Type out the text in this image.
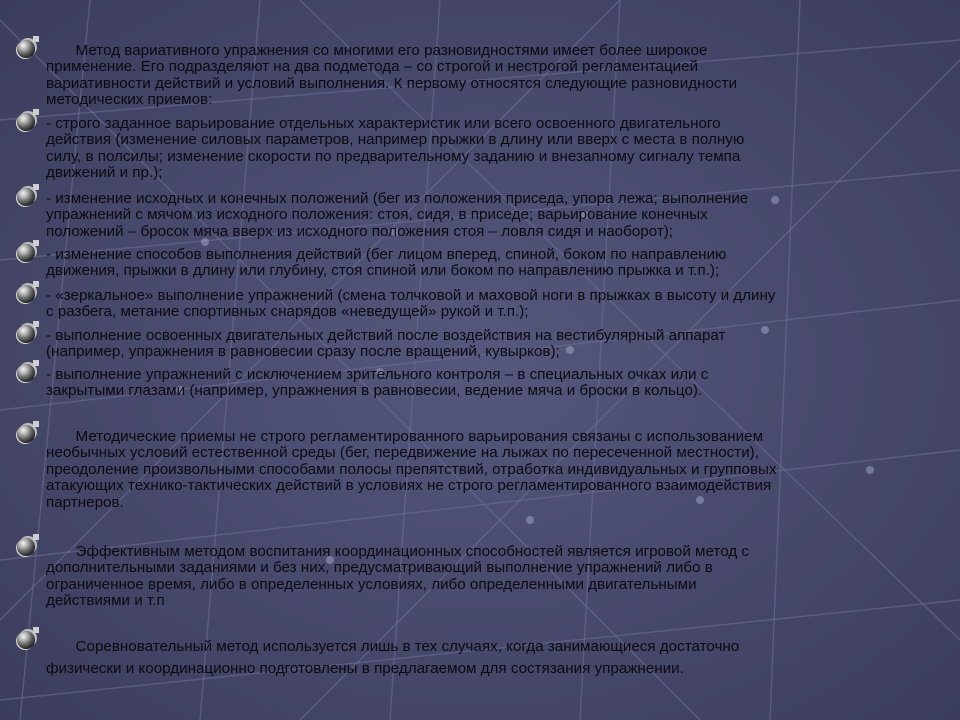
Метод вариативного упражнения со многими его разновидностями имеет более широкое
применение. Его подразделяют на два подметода – со строгой и нестрогой регламентацией
вариативности действий и условий выполнения. К первому относятся следующие разновидности
методических приемов:
- строго заданное варьирование отдельных характеристик или всего освоенного двигательного
действия (изменение силовых параметров, например прыжки в длину или вверх с места в полную
силу, в полсилы; изменение скорости по предварительному заданию и внезапному сигналу темпа
движений и пр.);
- изменение исходных и конечных положений (бег из положения приседа, упора лежа; выполнение
упражнений с мячом из исходного положения: стоя, сидя, в приседе; варьирование конечных
положений – бросок мяча вверх из исходного положения стоя – ловля сидя и наоборот);
- изменение способов выполнения действий (бег лицом вперед, спиной, боком по направлению
движения, прыжки в длину или глубину, стоя спиной или боком по направлению прыжка и т.п.);
- «зеркальное» выполнение упражнений (смена толчковой и маховой ноги в прыжках в высоту и длину
с разбега, метание спортивных снарядов «неведущей» рукой и т.п.);
- выполнение освоенных двигательных действий после воздействия на вестибулярный аппарат
(например, упражнения в равновесии сразу после вращений, кувырков);
- выполнение упражнений с исключением зрительного контроля – в специальных очках или с
закрытыми глазами (например, упражнения в равновесии, ведение мяча и броски в кольцо).
Методические приемы не строго регламентированного варьирования связаны с использованием
необычных условий естественной среды (бег, передвижение на лыжах по пересеченной местности),
преодоление произвольными способами полосы препятствий, отработка индивидуальных и групповых
атакующих технико-тактических действий в условиях не строго регламентированного взаимодействия
партнеров.
Эффективным методом воспитания координационных способностей является игровой метод с
дополнительными заданиями и без них, предусматривающий выполнение упражнений либо в
ограниченное время, либо в определенных условиях, либо определенными двигательными
действиями и т.п
Соревновательный метод используется лишь в тех случаях, когда занимающиеся достаточно
физически и координационно подготовлены в предлагаемом для состязания упражнении.
